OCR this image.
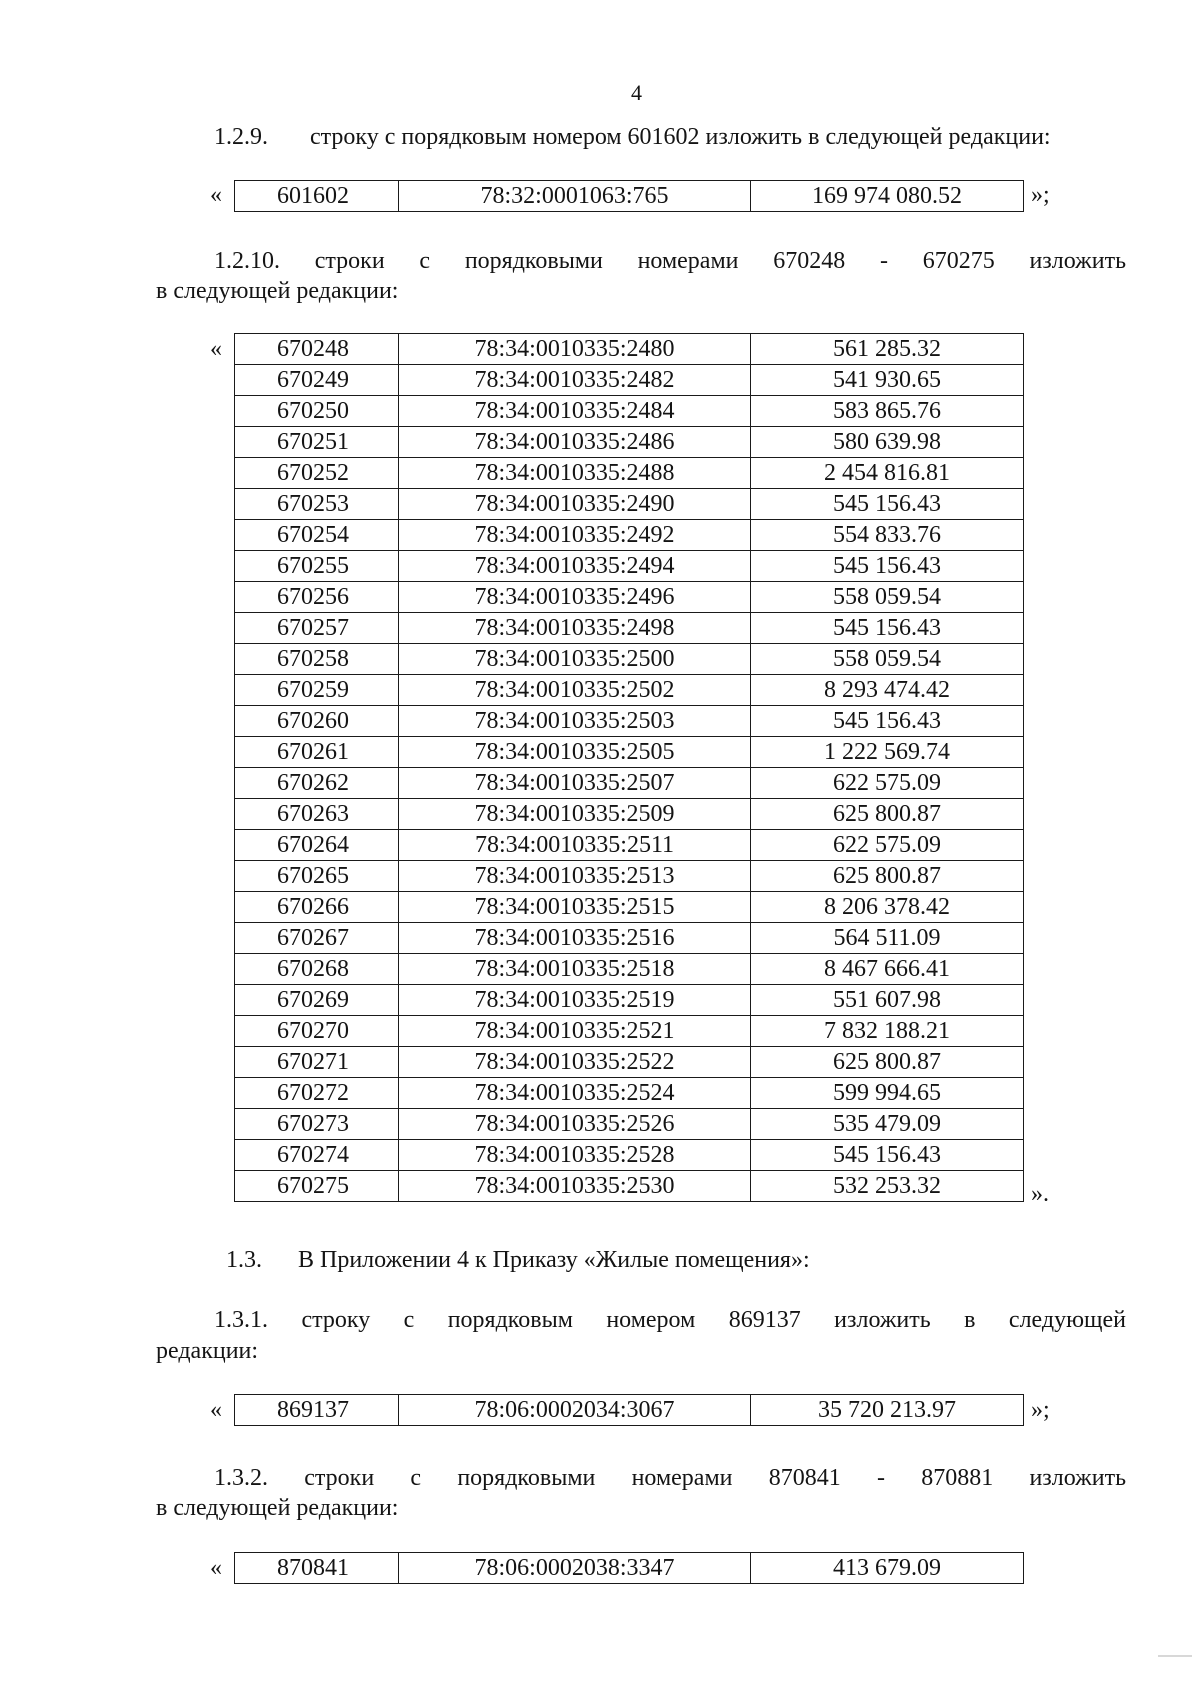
4
1.2.9. строку с порядковым номером 601602 изложить в следующей редакции:
« 601602	78:32:0001063:765	169 974 080.52	»;
1.2.10. строки с порядковыми номерами 670248 - 670275 изложить
в следующей редакции:
« 670248	78:34:0010335:2480	561 285.32
670249	78:34:0010335:2482	541 930.65
670250	78:34:0010335:2484	583 865.76
670251	78:34:0010335:2486	580 639.98
670252	78:34:0010335:2488	2 454 816.81
670253	78:34:0010335:2490	545 156.43
670254	78:34:0010335:2492	554 833.76
670255	78:34:0010335:2494	545 156.43
670256	78:34:0010335:2496	558 059.54
670257	78:34:0010335:2498	545 156.43
670258	78:34:0010335:2500	558 059.54
670259	78:34:0010335:2502	8 293 474.42
670260	78:34:0010335:2503	545 156.43
670261	78:34:0010335:2505	1 222 569.74
670262	78:34:0010335:2507	622 575.09
670263	78:34:0010335:2509	625 800.87
670264	78:34:0010335:2511	622 575.09
670265	78:34:0010335:2513	625 800.87
670266	78:34:0010335:2515	8 206 378.42
670267	78:34:0010335:2516	564 511.09
670268	78:34:0010335:2518	8 467 666.41
670269	78:34:0010335:2519	551 607.98
670270	78:34:0010335:2521	7 832 188.21
670271	78:34:0010335:2522	625 800.87
670272	78:34:0010335:2524	599 994.65
670273	78:34:0010335:2526	535 479.09
670274	78:34:0010335:2528	545 156.43
670275	78:34:0010335:2530	532 253.32	».
1.3. В Приложении 4 к Приказу «Жилые помещения»:
1.3.1. строку с порядковым номером 869137 изложить в следующей
редакции:
« 869137	78:06:0002034:3067	35 720 213.97	»;
1.3.2. строки с порядковыми номерами 870841 - 870881 изложить
в следующей редакции:
« 870841	78:06:0002038:3347	413 679.09
